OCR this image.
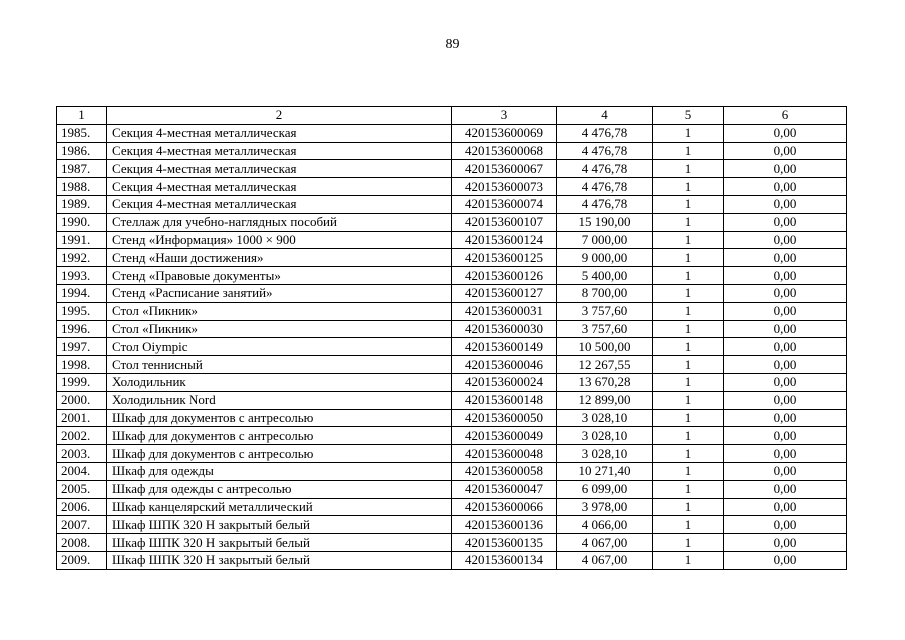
89
1	2	3	4	5	6
1985.	Секция 4-местная металлическая	420153600069	4 476,78	1	0,00
1986.	Секция 4-местная металлическая	420153600068	4 476,78	1	0,00
1987.	Секция 4-местная металлическая	420153600067	4 476,78	1	0,00
1988.	Секция 4-местная металлическая	420153600073	4 476,78	1	0,00
1989.	Секция 4-местная металлическая	420153600074	4 476,78	1	0,00
1990.	Стеллаж для учебно-наглядных пособий	420153600107	15 190,00	1	0,00
1991.	Стенд «Информация» 1000 × 900	420153600124	7 000,00	1	0,00
1992.	Стенд «Наши достижения»	420153600125	9 000,00	1	0,00
1993.	Стенд «Правовые документы»	420153600126	5 400,00	1	0,00
1994.	Стенд «Расписание занятий»	420153600127	8 700,00	1	0,00
1995.	Стол «Пикник»	420153600031	3 757,60	1	0,00
1996.	Стол «Пикник»	420153600030	3 757,60	1	0,00
1997.	Стол Oiympic	420153600149	10 500,00	1	0,00
1998.	Стол теннисный	420153600046	12 267,55	1	0,00
1999.	Холодильник	420153600024	13 670,28	1	0,00
2000.	Холодильник Nord	420153600148	12 899,00	1	0,00
2001.	Шкаф для документов с антресолью	420153600050	3 028,10	1	0,00
2002.	Шкаф для документов с антресолью	420153600049	3 028,10	1	0,00
2003.	Шкаф для документов с антресолью	420153600048	3 028,10	1	0,00
2004.	Шкаф для одежды	420153600058	10 271,40	1	0,00
2005.	Шкаф для одежды с антресолью	420153600047	6 099,00	1	0,00
2006.	Шкаф канцелярский металлический	420153600066	3 978,00	1	0,00
2007.	Шкаф ШПК 320 Н закрытый белый	420153600136	4 066,00	1	0,00
2008.	Шкаф ШПК 320 Н закрытый белый	420153600135	4 067,00	1	0,00
2009.	Шкаф ШПК 320 Н закрытый белый	420153600134	4 067,00	1	0,00
